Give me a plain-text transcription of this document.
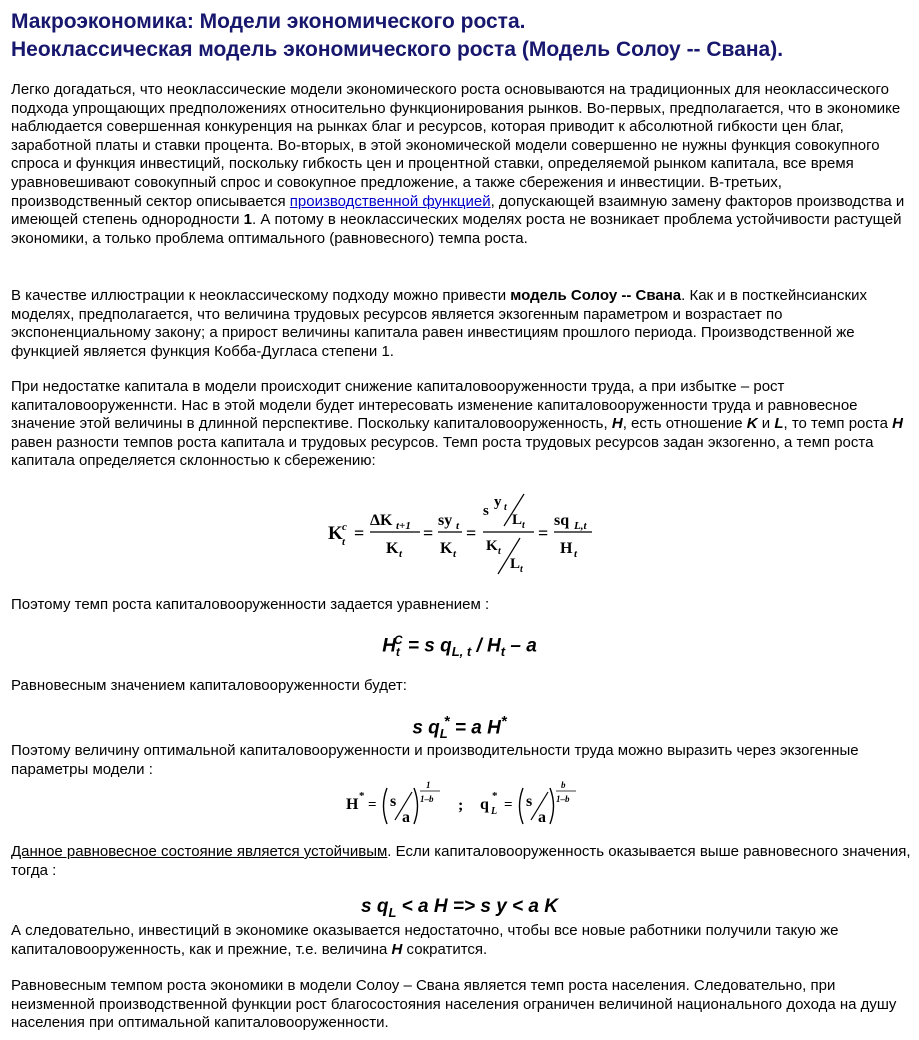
Макроэкономика: Модели экономического роста.
Неоклассическая модель экономического роста (Модель Солоу -- Свана).

Легко догадаться, что неоклассические модели экономического роста основываются на традиционных для неоклассического подхода упрощающих предположениях относительно функционирования рынков. Во-первых, предполагается, что в экономике наблюдается совершенная конкуренция на рынках благ и ресурсов, которая приводит к абсолютной гибкости цен благ, заработной платы и ставки процента. Во-вторых, в этой экономической модели совершенно не нужны функция совокупного спроса и функция инвестиций, поскольку гибкость цен и процентной ставки, определяемой рынком капитала, все время уравновешивают совокупный спрос и совокупное предложение, а также сбережения и инвестиции. В-третьих, производственный сектор описывается производственной функцией, допускающей взаимную замену факторов производства и имеющей степень однородности 1. А потому в неоклассических моделях роста не возникает проблема устойчивости растущей экономики, а только проблема оптимального (равновесного) темпа роста.

В качестве иллюстрации к неоклассическому подходу можно привести модель Солоу -- Свана. Как и в посткейнсианских моделях, предполагается, что величина трудовых ресурсов является экзогенным параметром и возрастает по экспоненциальному закону; а прирост величины капитала равен инвестициям прошлого периода. Производственной же функцией является функция Кобба-Дугласа степени 1.

При недостатке капитала в модели происходит снижение капиталовооруженности труда, а при избытке – рост капиталовооруженнсти. Нас в этой модели будет интересовать изменение капиталовооруженности труда и равновесное значение этой величины в длинной перспективе. Поскольку капиталовооруженность, H, есть отношение K и L, то темп роста H равен разности темпов роста капитала и трудовых ресурсов. Темп роста трудовых ресурсов задан экзогенно, а темп роста капитала определяется склонностью к сбережению:

K t
c =
ΔK t+1
K t
=
sy t
K t
=
s
y t
L t
K t
L t
=
sq L,t
H t

Поэтому темп роста капиталовооруженности задается уравнением :

$H_t^C = s$ $q_{L, t} / H_t$ – a

Равновесным значением капиталовооруженности будет:

s $q_L^* = a$ H*

Поэтому величину оптимальной капиталовооруженности и производительности труда можно выразить через экзогенные параметры модели :

H *
= s
a
1
1–b ; q *
L = s
a
b
1–b

Данное равновесное состояние является устойчивым. Если капиталовооруженность оказывается выше равновесного значения, тогда :

s $q_L < a$ H => s y < a K

А следовательно, инвестиций в экономике оказывается недостаточно, чтобы все новые работники получили такую же капиталовооруженность, как и прежние, т.е. величина H сократится.

Равновесным темпом роста экономики в модели Солоу – Свана является темп роста населения. Следовательно, при неизменной производственной функции рост благосостояния населения ограничен величиной национального дохода на душу населения при оптимальной капиталовооруженности.
